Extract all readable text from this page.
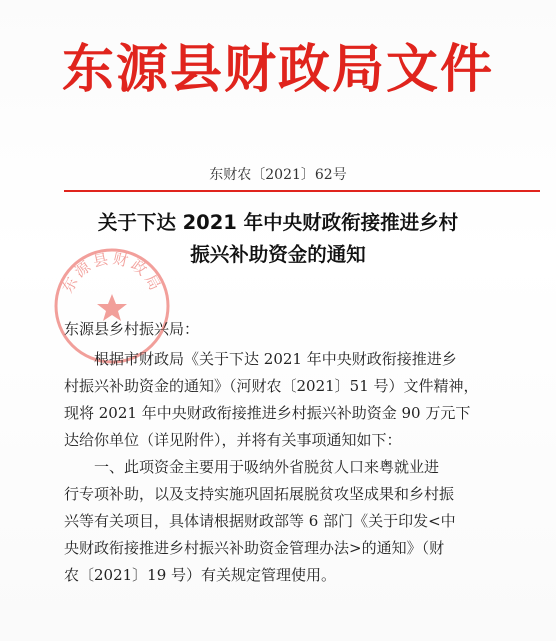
东源县财政局文件
东财农〔2021〕62号
关于下达 2021 年中央财政衔接推进乡村
振兴补助资金的通知
东源县财政局
东源县乡村振兴局：
根据市财政局《关于下达 2021 年中央财政衔接推进乡
村振兴补助资金的通知》（河财农〔2021〕51 号）文件精神，
现将 2021 年中央财政衔接推进乡村振兴补助资金 90 万元下
达给你单位（详见附件），并将有关事项通知如下：
一、此项资金主要用于吸纳外省脱贫人口来粤就业进
行专项补助，以及支持实施巩固拓展脱贫攻坚成果和乡村振
兴等有关项目，具体请根据财政部等 6 部门《关于印发<中
央财政衔接推进乡村振兴补助资金管理办法>的通知》（财
农〔2021〕19 号）有关规定管理使用。
